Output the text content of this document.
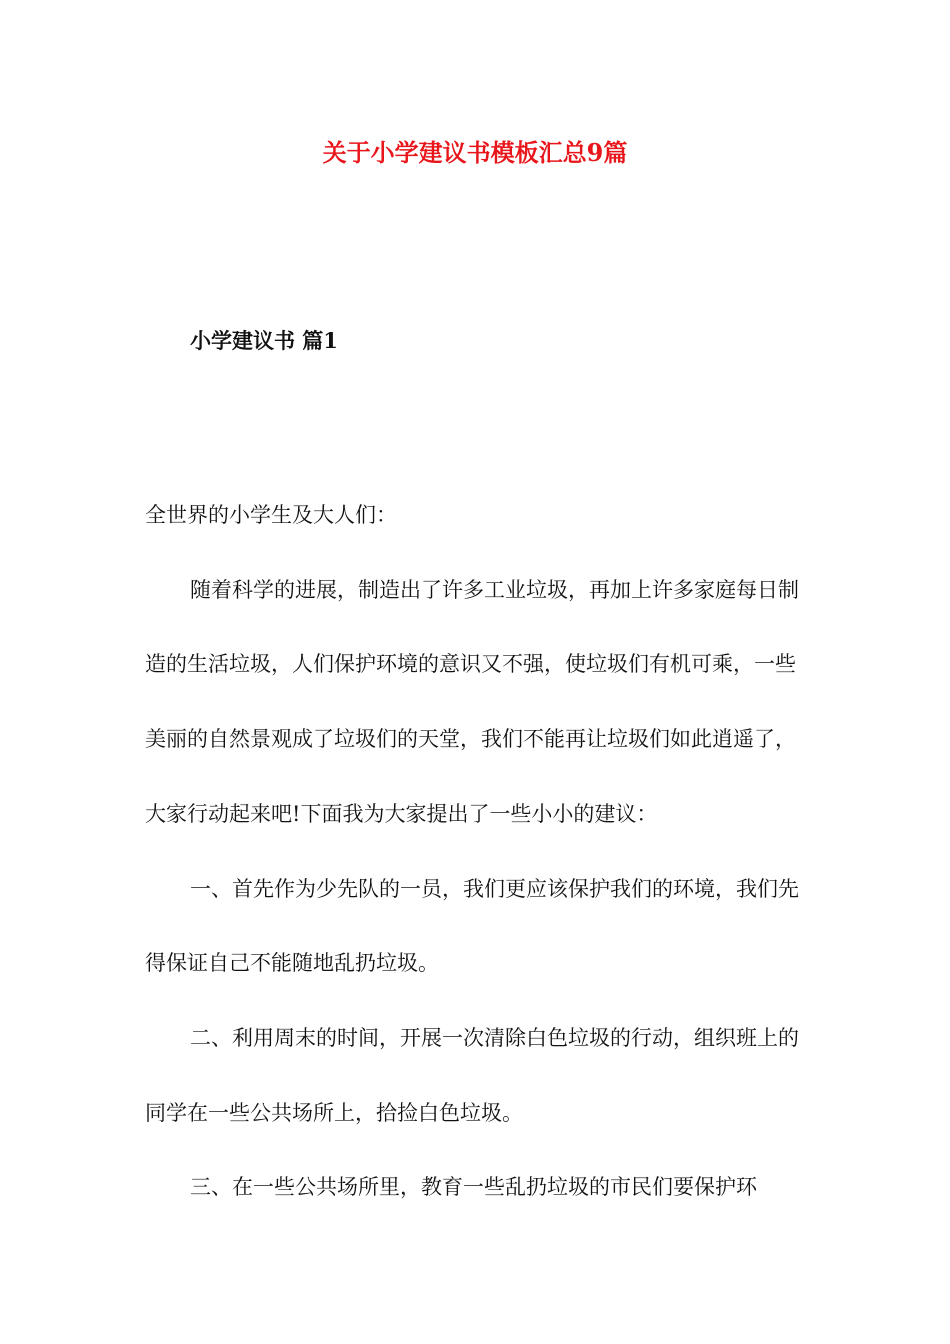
关于小学建议书模板汇总9篇
小学建议书 篇1

全世界的小学生及大人们：

随着科学的进展，制造出了许多工业垃圾，再加上许多家庭每日制造的生活垃圾，人们保护环境的意识又不强，使垃圾们有机可乘，一些美丽的自然景观成了垃圾们的天堂，我们不能再让垃圾们如此逍遥了，大家行动起来吧!下面我为大家提出了一些小小的建议：

一、首先作为少先队的一员，我们更应该保护我们的环境，我们先得保证自己不能随地乱扔垃圾。

二、利用周末的时间，开展一次清除白色垃圾的行动，组织班上的同学在一些公共场所上，拾捡白色垃圾。

三、在一些公共场所里，教育一些乱扔垃圾的市民们要保护环
